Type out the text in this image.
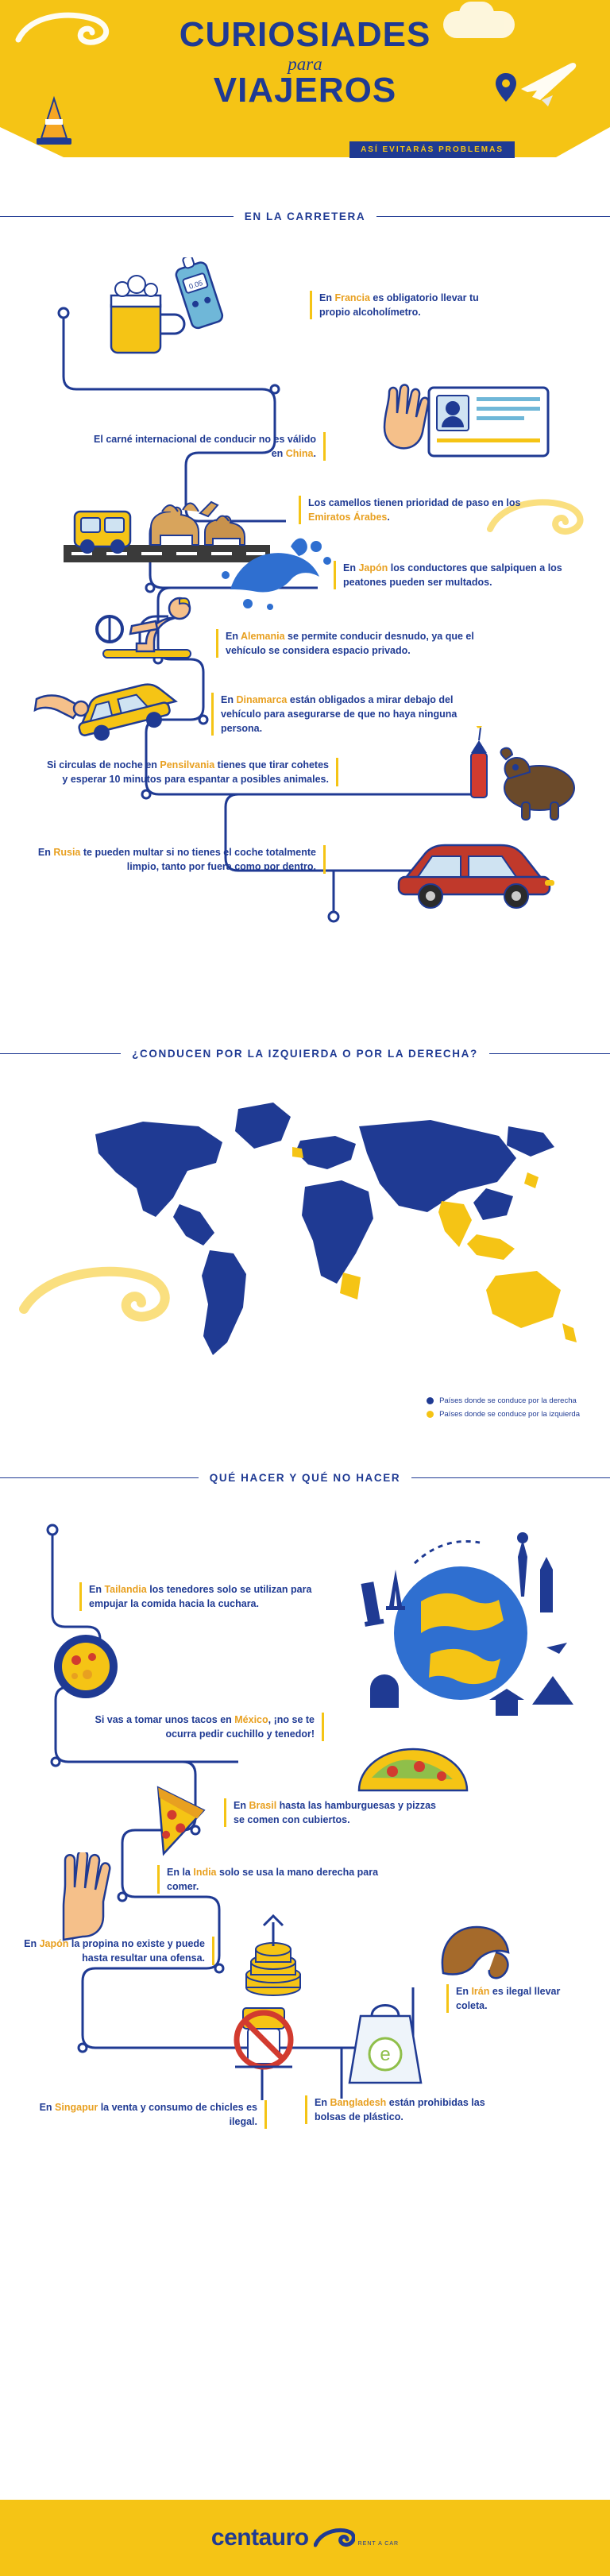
CURIOSIADES
para
VIAJEROS
ASÍ EVITARÁS PROBLEMAS
EN LA CARRETERA
0.05
En Francia es obligatorio llevar tu propio alcoholímetro.
El carné internacional de conducir no es válido en China.
Los camellos tienen prioridad de paso en los Emiratos Árabes.
En Japón los conductores que salpiquen a los peatones pueden ser multados.
En Alemania se permite conducir desnudo, ya que el vehículo se considera espacio privado.
En Dinamarca están obligados a mirar debajo del vehículo para asegurarse de que no haya ninguna persona.
Si circulas de noche en Pensilvania tienes que tirar cohetes y esperar 10 minutos para espantar a posibles animales.
En Rusia te pueden multar si no tienes el coche totalmente limpio, tanto por fuera como por dentro.
¿CONDUCEN POR LA IZQUIERDA O POR LA DERECHA?
Países donde se conduce por la derecha
Países donde se conduce por la izquierda
QUÉ HACER Y QUÉ NO HACER
En Tailandia los tenedores solo se utilizan para empujar la comida hacia la cuchara.
Si vas a tomar unos tacos en México, ¡no se te ocurra pedir cuchillo y tenedor!
En Brasil hasta las hamburguesas y pizzas se comen con cubiertos.
En la India solo se usa la mano derecha para comer.
En Japón la propina no existe y puede hasta resultar una ofensa.
En Irán es ilegal llevar coleta.
En Singapur la venta y consumo de chicles es ilegal.
En Bangladesh están prohibidas las bolsas de plástico.
e
centauro	RENT A CAR
